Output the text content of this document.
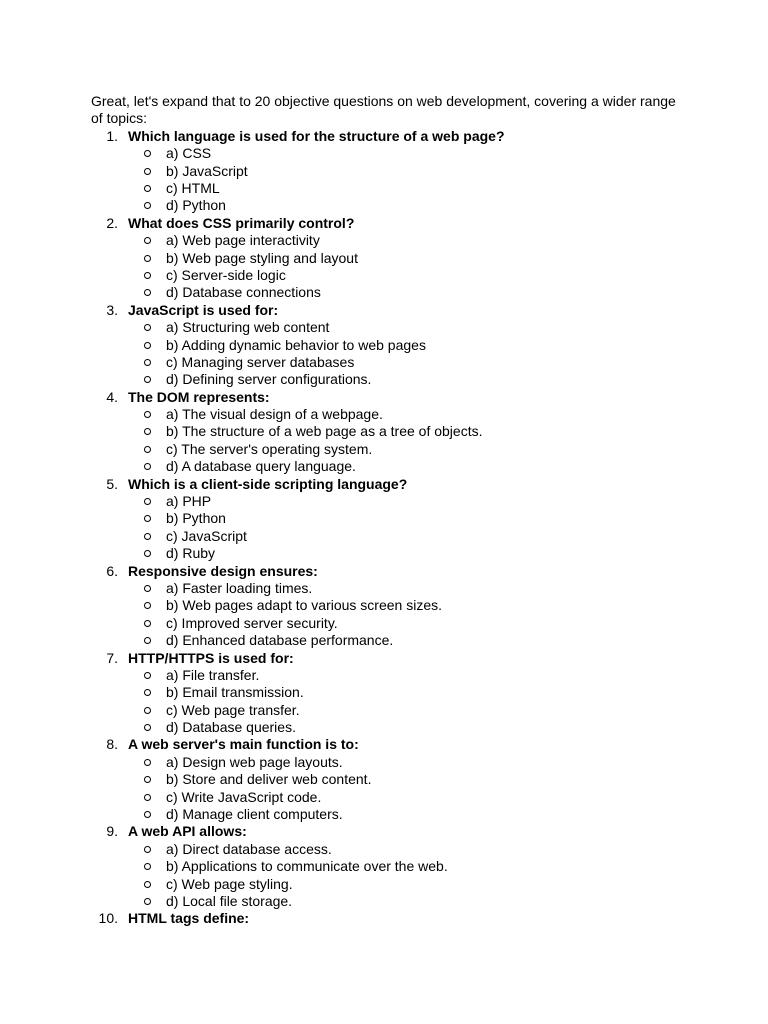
Great, let's expand that to 20 objective questions on web development, covering a wider range of topics:

1. Which language is used for the structure of a web page?
a) CSS
b) JavaScript
c) HTML
d) Python
2. What does CSS primarily control?
a) Web page interactivity
b) Web page styling and layout
c) Server-side logic
d) Database connections
3. JavaScript is used for:
a) Structuring web content
b) Adding dynamic behavior to web pages
c) Managing server databases
d) Defining server configurations.
4. The DOM represents:
a) The visual design of a webpage.
b) The structure of a web page as a tree of objects.
c) The server's operating system.
d) A database query language.
5. Which is a client-side scripting language?
a) PHP
b) Python
c) JavaScript
d) Ruby
6. Responsive design ensures:
a) Faster loading times.
b) Web pages adapt to various screen sizes.
c) Improved server security.
d) Enhanced database performance.
7. HTTP/HTTPS is used for:
a) File transfer.
b) Email transmission.
c) Web page transfer.
d) Database queries.
8. A web server's main function is to:
a) Design web page layouts.
b) Store and deliver web content.
c) Write JavaScript code.
d) Manage client computers.
9. A web API allows:
a) Direct database access.
b) Applications to communicate over the web.
c) Web page styling.
d) Local file storage.
10. HTML tags define:
